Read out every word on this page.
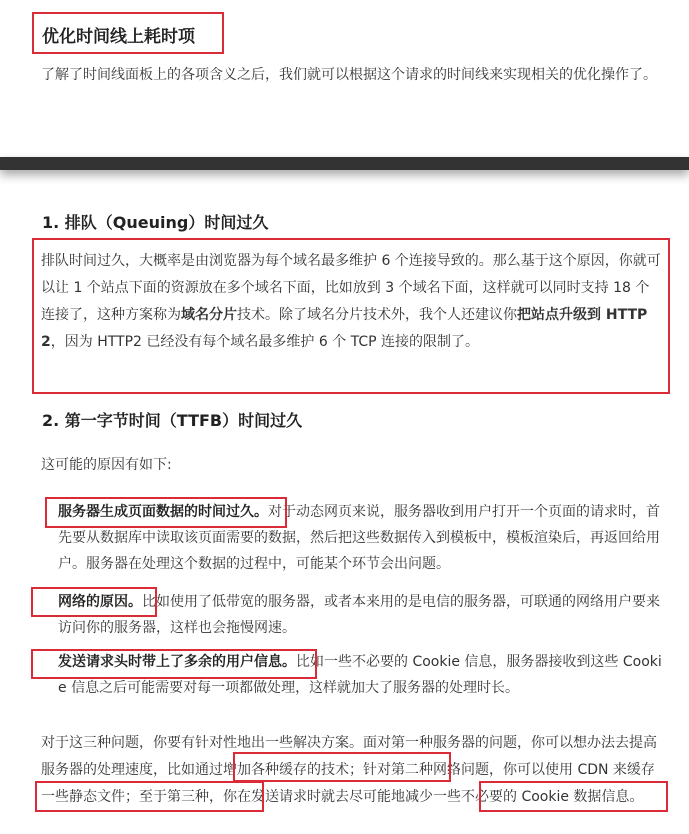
优化时间线上耗时项

了解了时间线面板上的各项含义之后，我们就可以根据这个请求的时间线来实现相关的优化操作了。

1. 排队（Queuing）时间过久

排队时间过久，大概率是由浏览器为每个域名最多维护 6 个连接导致的。那么基于这个原因，你就可以让 1 个站点下面的资源放在多个域名下面，比如放到 3 个域名下面，这样就可以同时支持 18 个连接了，这种方案称为域名分片技术。除了域名分片技术外，我个人还建议你把站点升级到 HTTP2，因为 HTTP2 已经没有每个域名最多维护 6 个 TCP 连接的限制了。

2. 第一字节时间（TTFB）时间过久

这可能的原因有如下:

服务器生成页面数据的时间过久。对于动态网页来说，服务器收到用户打开一个页面的请求时，首先要从数据库中读取该页面需要的数据，然后把这些数据传入到模板中，模板渲染后，再返回给用户。服务器在处理这个数据的过程中，可能某个环节会出问题。

网络的原因。比如使用了低带宽的服务器，或者本来用的是电信的服务器，可联通的网络用户要来访问你的服务器，这样也会拖慢网速。

发送请求头时带上了多余的用户信息。比如一些不必要的 Cookie 信息，服务器接收到这些 Cookie 信息之后可能需要对每一项都做处理，这样就加大了服务器的处理时长。

对于这三种问题，你要有针对性地出一些解决方案。面对第一种服务器的问题，你可以想办法去提高服务器的处理速度，比如通过增加各种缓存的技术；针对第二种网络问题，你可以使用 CDN 来缓存一些静态文件；至于第三种，你在发送请求时就去尽可能地减少一些不必要的 Cookie 数据信息。
